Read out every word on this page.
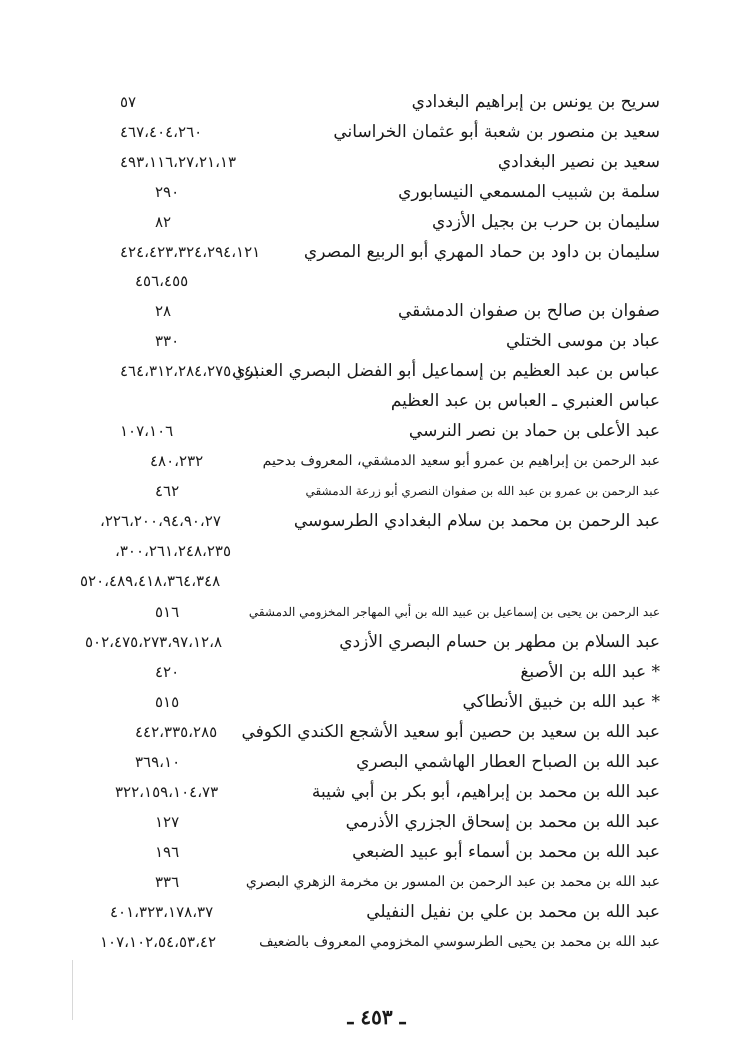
سريح بن يونس بن إبراهيم البغدادي
٥٧
سعيد بن منصور بن شعبة أبو عثمان الخراساني
٤٦٧،٤٠٤،٢٦٠
سعيد بن نصير البغدادي
٤٩٣،١١٦،٢٧،٢١،١٣
سلمة بن شبيب المسمعي النيسابوري
٢٩٠
سليمان بن حرب بن بجيل الأزدي
٨٢
سليمان بن داود بن حماد المهري أبو الربيع المصري
٤٢٤،٤٢٣،٣٢٤،٢٩٤،١٢١
٤٥٦،٤٥٥
صفوان بن صالح بن صفوان الدمشقي
٢٨
عباد بن موسى الختلي
٣٣٠
عباس بن عبد العظيم بن إسماعيل أبو الفضل البصري العنبري
٤٦٤،٣١٢،٢٨٤،٢٧٥،١٤١
عباس العنبري ـ العباس بن عبد العظيم
عبد الأعلى بن حماد بن نصر النرسي
١٠٧،١٠٦
عبد الرحمن بن إبراهيم بن عمرو أبو سعيد الدمشقي، المعروف بدحيم
٤٨٠،٢٣٢
عبد الرحمن بن عمرو بن عبد الله بن صفوان النصري أبو زرعة الدمشقي
٤٦٢
عبد الرحمن بن محمد بن سلام البغدادي الطرسوسي
٢٢٦،٢٠٠،٩٤،٩٠،٢٧،
٣٠٠،٢٦١،٢٤٨،٢٣٥،
٥٢٠،٤٨٩،٤١٨،٣٦٤،٣٤٨
عبد الرحمن بن يحيى بن إسماعيل بن عبيد الله بن أبي المهاجر المخزومي الدمشقي
٥١٦
عبد السلام بن مطهر بن حسام البصري الأزدي
٥٠٢،٤٧٥،٢٧٣،٩٧،١٢،٨
* عبد الله بن الأصبغ
٤٢٠
* عبد الله بن خبيق الأنطاكي
٥١٥
عبد الله بن سعيد بن حصين أبو سعيد الأشجع الكندي الكوفي
٤٤٢،٣٣٥،٢٨٥
عبد الله بن الصباح العطار الهاشمي البصري
٣٦٩،١٠
عبد الله بن محمد بن إبراهيم، أبو بكر بن أبي شيبة
٣٢٢،١٥٩،١٠٤،٧٣
عبد الله بن محمد بن إسحاق الجزري الأذرمي
١٢٧
عبد الله بن محمد بن أسماء أبو عبيد الضبعي
١٩٦
عبد الله بن محمد بن عبد الرحمن بن المسور بن مخرمة الزهري البصري
٣٣٦
عبد الله بن محمد بن علي بن نفيل النفيلي
٤٠١،٣٢٣،١٧٨،٣٧
عبد الله بن محمد بن يحيى الطرسوسي المخزومي المعروف بالضعيف
١٠٧،١٠٢،٥٤،٥٣،٤٢
ـ ٤٥٣ ـ
